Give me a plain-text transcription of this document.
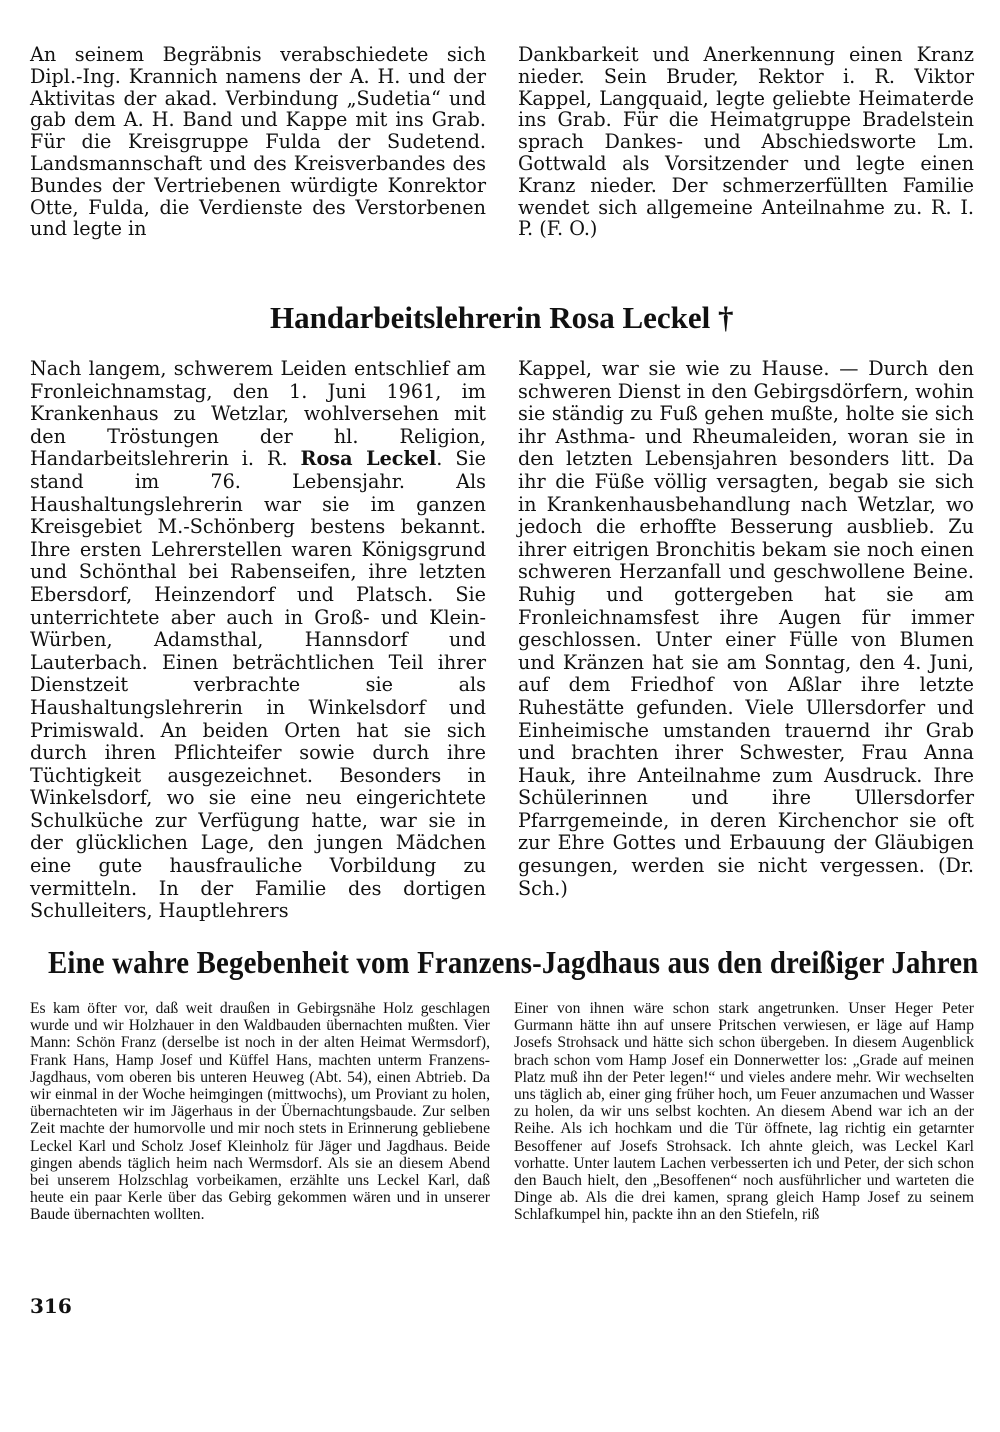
An seinem Begräbnis verabschiedete sich Dipl.-Ing. Krannich namens der A. H. und der Aktivitas der akad. Verbindung „Sudetia“ und gab dem A. H. Band und Kappe mit ins Grab. Für die Kreisgruppe Fulda der Sudetend. Landsmannschaft und des Kreisverbandes des Bundes der Vertriebenen würdigte Konrektor Otte, Fulda, die Verdienste des Verstorbenen und legte in

Dankbarkeit und Anerkennung einen Kranz nieder. Sein Bruder, Rektor i. R. Viktor Kappel, Langquaid, legte geliebte Heimaterde ins Grab. Für die Heimatgruppe Bradelstein sprach Dankes- und Abschiedsworte Lm. Gottwald als Vorsitzender und legte einen Kranz nieder. Der schmerzerfüllten Familie wendet sich allgemeine Anteilnahme zu. R. I. P. (F. O.)

Handarbeitslehrerin Rosa Leckel †

Nach langem, schwerem Leiden entschlief am Fronleichnamstag, den 1. Juni 1961, im Krankenhaus zu Wetzlar, wohlversehen mit den Tröstungen der hl. Religion, Handarbeitslehrerin i. R. Rosa Leckel. Sie stand im 76. Lebensjahr. Als Haushaltungslehrerin war sie im ganzen Kreisgebiet M.-Schönberg bestens bekannt. Ihre ersten Lehrerstellen waren Königsgrund und Schönthal bei Rabenseifen, ihre letzten Ebersdorf, Heinzendorf und Platsch. Sie unterrichtete aber auch in Groß- und Klein-Würben, Adamsthal, Hannsdorf und Lauterbach. Einen beträchtlichen Teil ihrer Dienstzeit verbrachte sie als Haushaltungslehrerin in Winkelsdorf und Primiswald. An beiden Orten hat sie sich durch ihren Pflichteifer sowie durch ihre Tüchtigkeit ausgezeichnet. Besonders in Winkelsdorf, wo sie eine neu eingerichtete Schulküche zur Verfügung hatte, war sie in der glücklichen Lage, den jungen Mädchen eine gute hausfrauliche Vorbildung zu vermitteln. In der Familie des dortigen Schulleiters, Hauptlehrers

Kappel, war sie wie zu Hause. — Durch den schweren Dienst in den Gebirgsdörfern, wohin sie ständig zu Fuß gehen mußte, holte sie sich ihr Asthma- und Rheumaleiden, woran sie in den letzten Lebensjahren besonders litt. Da ihr die Füße völlig versagten, begab sie sich in Krankenhausbehandlung nach Wetzlar, wo jedoch die erhoffte Besserung ausblieb. Zu ihrer eitrigen Bronchitis bekam sie noch einen schweren Herzanfall und geschwollene Beine. Ruhig und gottergeben hat sie am Fronleichnamsfest ihre Augen für immer geschlossen. Unter einer Fülle von Blumen und Kränzen hat sie am Sonntag, den 4. Juni, auf dem Friedhof von Aßlar ihre letzte Ruhestätte gefunden. Viele Ullersdorfer und Einheimische umstanden trauernd ihr Grab und brachten ihrer Schwester, Frau Anna Hauk, ihre Anteilnahme zum Ausdruck. Ihre Schülerinnen und ihre Ullersdorfer Pfarrgemeinde, in deren Kirchenchor sie oft zur Ehre Gottes und Erbauung der Gläubigen gesungen, werden sie nicht vergessen. (Dr. Sch.)

Eine wahre Begebenheit vom Franzens-Jagdhaus aus den dreißiger Jahren

Es kam öfter vor, daß weit draußen in Gebirgsnähe Holz geschlagen wurde und wir Holzhauer in den Waldbauden übernachten mußten. Vier Mann: Schön Franz (derselbe ist noch in der alten Heimat Wermsdorf), Frank Hans, Hamp Josef und Küffel Hans, machten unterm Franzens-Jagdhaus, vom oberen bis unteren Heuweg (Abt. 54), einen Abtrieb. Da wir einmal in der Woche heimgingen (mittwochs), um Proviant zu holen, übernachteten wir im Jägerhaus in der Übernachtungsbaude. Zur selben Zeit machte der humorvolle und mir noch stets in Erinnerung gebliebene Leckel Karl und Scholz Josef Kleinholz für Jäger und Jagdhaus. Beide gingen abends täglich heim nach Wermsdorf. Als sie an diesem Abend bei unserem Holzschlag vorbeikamen, erzählte uns Leckel Karl, daß heute ein paar Kerle über das Gebirg gekommen wären und in unserer Baude übernachten wollten.

Einer von ihnen wäre schon stark angetrunken. Unser Heger Peter Gurmann hätte ihn auf unsere Pritschen verwiesen, er läge auf Hamp Josefs Strohsack und hätte sich schon übergeben. In diesem Augenblick brach schon vom Hamp Josef ein Donnerwetter los: „Grade auf meinen Platz muß ihn der Peter legen!“ und vieles andere mehr. Wir wechselten uns täglich ab, einer ging früher hoch, um Feuer anzumachen und Wasser zu holen, da wir uns selbst kochten. An diesem Abend war ich an der Reihe. Als ich hochkam und die Tür öffnete, lag richtig ein getarnter Besoffener auf Josefs Strohsack. Ich ahnte gleich, was Leckel Karl vorhatte. Unter lautem Lachen verbesserten ich und Peter, der sich schon den Bauch hielt, den „Besoffenen“ noch ausführlicher und warteten die Dinge ab. Als die drei kamen, sprang gleich Hamp Josef zu seinem Schlafkumpel hin, packte ihn an den Stiefeln, riß

316
